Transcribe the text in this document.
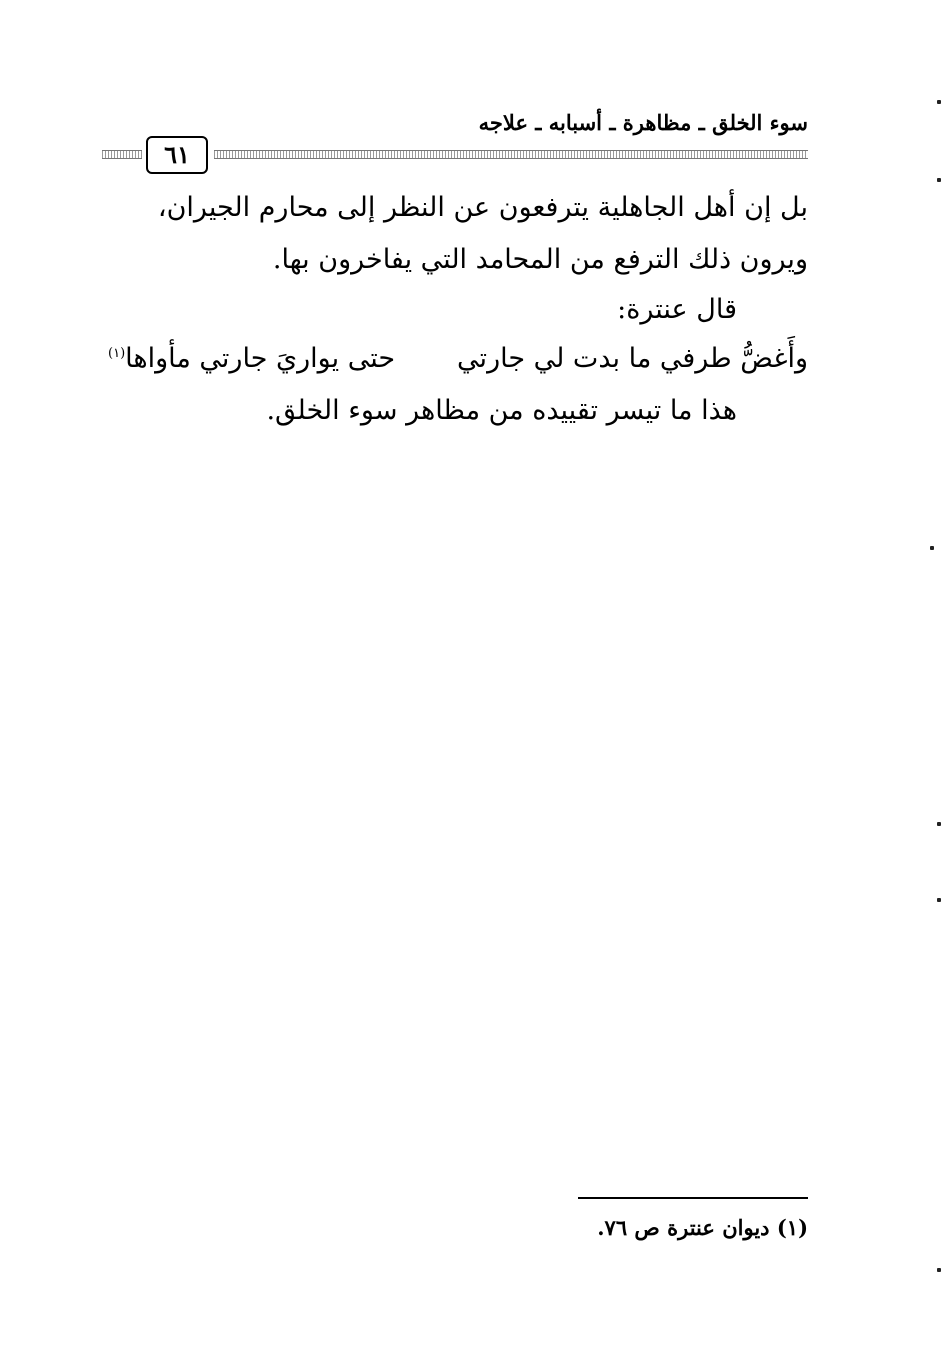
سوء الخلق ـ مظاهرة ـ أسبابه ـ علاجه
٦١
بل إن أهل الجاهلية يترفعون عن النظر إلى محارم الجيران،
ويرون ذلك الترفع من المحامد التي يفاخرون بها.
قال عنترة:
وأَغضُّ طرفي ما بدت لي جارتي
حتى يواريَ جارتي مأواها$^{(١)}$
هذا ما تيسر تقييده من مظاهر سوء الخلق.
(١) ديوان عنترة ص ٧٦.
